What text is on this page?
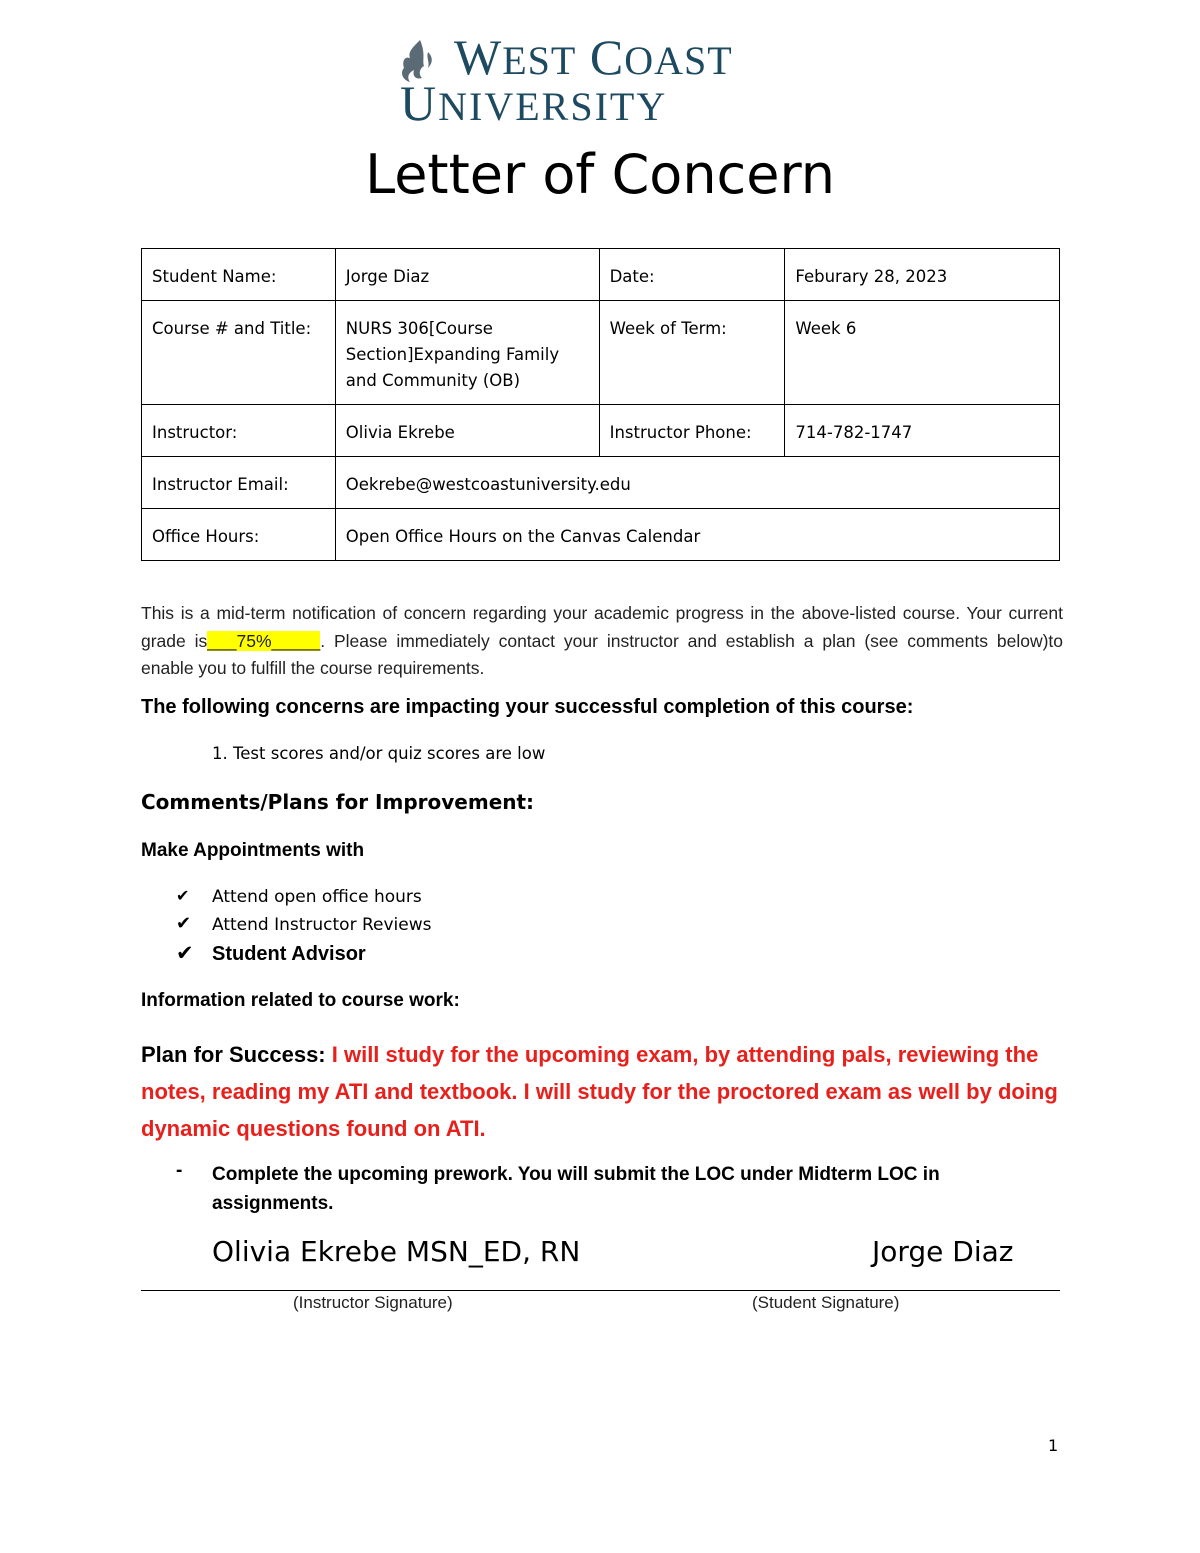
WEST COAST
UNIVERSITY
Letter of Concern
Student Name:	Jorge Diaz	Date:	Feburary 28, 2023
Course # and Title:	NURS 306[Course Section]Expanding Family and Community (OB)	Week of Term:	Week 6
Instructor:	Olivia Ekrebe	Instructor Phone:	714-782-1747
Instructor Email:	Oekrebe@westcoastuniversity.edu		
Office Hours:	Open Office Hours on the Canvas Calendar		
This is a mid-term notification of concern regarding your academic progress in the above-listed course. Your current grade is___75%_____. Please immediately contact your instructor and establish a plan (see comments below)to enable you to fulfill the course requirements.
The following concerns are impacting your successful completion of this course:
1. Test scores and/or quiz scores are low
Comments/Plans for Improvement:
Make Appointments with
✔ Attend open office hours
✔ Attend Instructor Reviews
✔ Student Advisor
Information related to course work:
Plan for Success: I will study for the upcoming exam, by attending pals, reviewing the notes, reading my ATI and textbook. I will study for the proctored exam as well by doing dynamic questions found on ATI.
- Complete the upcoming prework. You will submit the LOC under Midterm LOC in assignments.
Olivia Ekrebe MSN_ED, RN	Jorge Diaz
(Instructor Signature)	(Student Signature)
1
